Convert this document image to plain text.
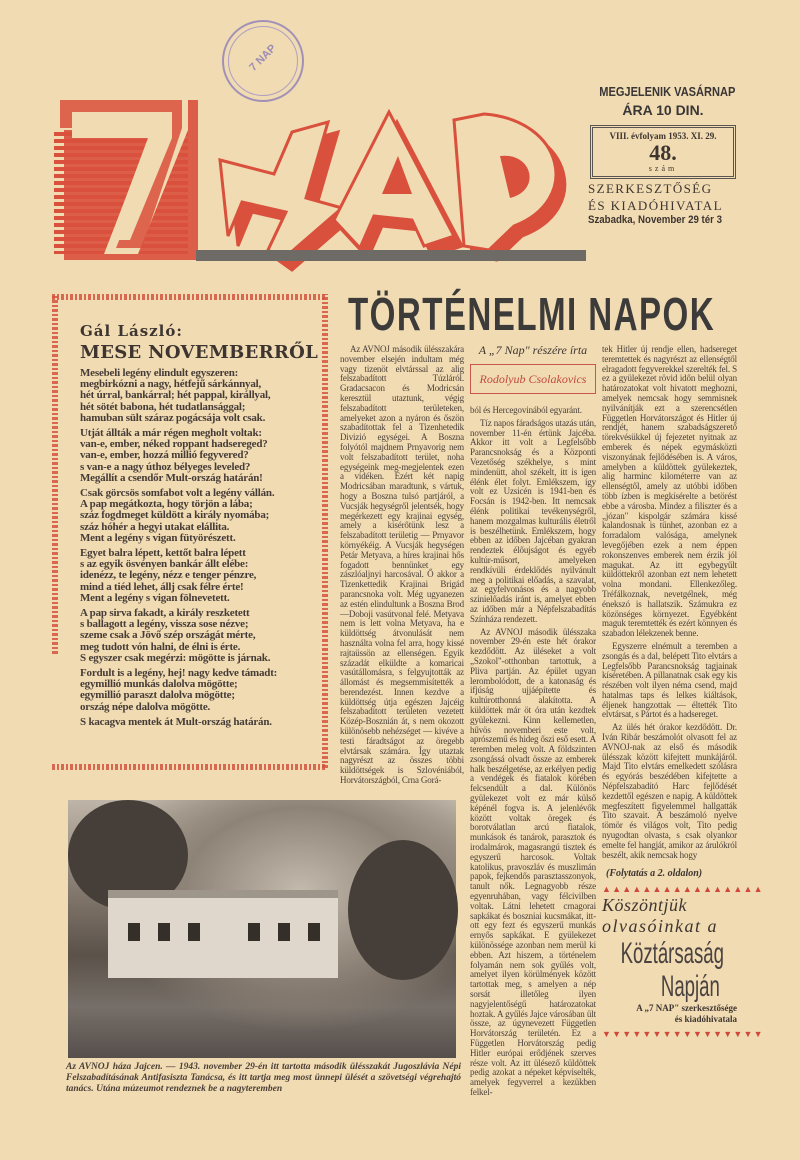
7 NAP
MEGJELENIK VASÁRNAP
ÁRA 10 DIN.
VIII. évfolyam 1953. XI. 29.
48.
szám
SZERKESZTŐSÉG
ÉS KIADÓHIVATAL
Szabadka, November 29 tér 3
Gál László:
MESE NOVEMBERRŐL
Mesebeli legény elindult egyszeren:
megbirkózni a nagy, hétfejű sárkánnyal,
hét úrral, bankárral; hét pappal, királlyal,
hét sötét babona, hét tudatlansággal;
hamuban sült száraz pogácsája volt csak.
Utját állták a már régen megholt voltak:
van-e, ember, néked roppant hadsereged?
van-e, ember, hozzá millió fegyvered?
s van-e a nagy úthoz bélyeges leveled?
Megállít a csendőr Mult-ország határán!
Csak görcsös somfabot volt a legény vállán.
A pap megátkozta, hogy törjön a lába;
száz fogdmeget küldött a király nyomába;
száz hóhér a hegyi utakat elállita.
Ment a legény s vigan fütyörészett.
Egyet balra lépett, kettőt balra lépett
s az egyik ösvényen bankár állt elébe:
idenézz, te legény, nézz e tenger pénzre,
mind a tiéd lehet, állj csak félre érte!
Ment a legény s vigan fölnevetett.
A pap sirva fakadt, a király reszketett
s ballagott a legény, vissza sose nézve;
szeme csak a Jövő szép országát mérte,
meg tudott vón halni, de élni is érte.
S egyszer csak megérzi: mögötte is járnak.
Fordult is a legény, hej! nagy kedve támadt:
egymillió munkás dalolva mögötte;
egymillió paraszt dalolva mögötte;
ország népe dalolva mögötte.
S kacagva mentek át Mult-ország határán.
TÖRTÉNELMI NAPOK

Az AVNOJ második ülésszakára november elsején indultam még vagy tizenöt elvtárssal az alig felszabadított Túzláról. Gradacsacon és Modricsán keresztül utaztunk, végig felszabadított területeken, amelyeket azon a nyáron és őszön szabadítottak fel a Tizenhetedik Divizió egységei. A Boszna folyótól majdnem Prnyavorig nem volt felszabadított terület, noha egységeink meg-megjelentek ezen a vidéken. Ezért két napig Modricsában maradtunk, s vártuk, hogy a Boszna tulsó partjáról, a Vucsják hegységről jelentsék, hogy megérkezett egy krajinai egység, amely a kisérőtünk lesz a felszabadított területig — Prnyavor környékéig. A Vucsják hegységen Petár Metyava, a híres krajinai hős fogadott bennünket egy zászlóaljnyi harcosával. Ő akkor a Tizenkettedik Krajinai Brigád parancsnoka volt. Még ugyanezen az estén elindultunk a Boszna Brod—Doboji vasútvonal felé. Metyava nem is lett volna Metyava, ha e küldöttség átvonulását nem használta volna fel arra, hogy kissé rajtaüssön az ellenségen. Egyik századát elküldte a komaricai vasútállomásra, s felgyujtották az állomást és megsemmisítették a berendezést. Innen kezdve a küldöttség útja egészen Jajcéig felszabadított területen vezetett Közép-Bosznián át, s nem okozott különösebb nehézséget — kivéve a testi fáradtságot az öregebb elvtársak számára. Így utaztak nagyrészt az összes többi küldöttségek is Szlovéniából, Horvátországból, Crna Gorá-

A „7 Nap" részére írta
Rodolyub Csolakovics

ból és Hercegovinából egyaránt.

Tíz napos fáradságos utazás után, november 11-én értünk Jajcéba. Akkor itt volt a Legfelsőbb Parancsnokság és a Központi Vezetőség székhelye, s mint mindenütt, ahol székelt, itt is igen élénk élet folyt. Emlékszem, így volt ez Uzsicén is 1941-ben és Focsán is 1942-ben. Itt nemcsak élénk politikai tevékenységről, hanem mozgalmas kulturális életről is beszélhetünk. Emlékszem, hogy ebben az időben Jajcéban gyakran rendeztek élőujságot és egyéb kultúr-műsort, amelyeken rendkívüli érdeklődés nyilvánult meg a politikai előadás, a szavalat, az egyfelvonásos és a nagyobb szinielőadás iránt is, amelyet ebben az időben már a Népfelszabadítás Színháza rendezett.

Az AVNOJ második ülésszaka november 29-én este hét órakor kezdődött. Az üléseket a volt „Szokol"-otthonban tartottuk, a Pliva partján. Az épület ugyan lerombolódott, de a katonaság és ifjúság ujjáépítette és kultúrotthonná alakította. A küldöttek már öt óra után kezdtek gyülekezni. Kinn kellemetlen, hűvös novemberi este volt, aprószemű és hideg őszi eső esett. A teremben meleg volt. A földszinten zsongássá olvadt össze az emberek halk beszélgetése, az erkélyen pedig a vendégek és fiatalok körében felcsendült a dal. Különös gyülekezet volt ez már külső képénél fogva is. A jelenlévők között voltak öregek és borotválatlan arcú fiatalok, munkások és tanárok, parasztok és irodalmárok, magasrangú tisztek és egyszerű harcosok. Voltak katolikus, pravoszláv és muszlimán papok, fejkendős parasztasszonyok, tanult nők. Legnagyobb része egyenruhában, vagy félcivilben voltak. Látni lehetett crnagorai sapkákat és boszniai kucsmákat, itt-ott egy fezt és egyszerű munkás ernyős sapkákat. E gyülekezet különössége azonban nem merül ki ebben. Azt hiszem, a történelem folyamán nem sok gyűlés volt, amelyet ilyen körülmények között tartottak meg, s amelyen a nép sorsát illetőleg ilyen nagyjelentőségű határozatokat hoztak. A gyűlés Jajce városában ült össze, az úgynevezett Független Horvátország területén. Ez a Független Horvátország pedig Hitler európai erődjének szerves része volt. Az itt ülésező küldöttek pedig azokat a népeket képviselték, amelyek fegyverrel a kezükben felkel-

tek Hitler új rendje ellen, hadsereget teremtettek és nagyrészt az ellenségtől elragadott fegyverekkel szerelték fel. S ez a gyülekezet rövid időn belül olyan határozatokat volt hivatott meghozni, amelyek nemcsak hogy semmisnek nyilvánítják ezt a szerencsétlen Független Horvátországot és Hitler új rendjét, hanem szabadságszerető törekvésükkel új fejezetet nyitnak az emberek és népek egymásközti viszonyának fejlődésében is. A város, amelyben a küldöttek gyülekeztek, alig harminc kilométerre van az ellenségtől, amely az utóbbi időben több ízben is megkísérelte a betörést ebbe a városba. Mindez a filiszter és a „józan" kispolgár számára kissé kalandosnak is tűnhet, azonban ez a forradalom valósága, amelynek levegőjében ezek a nem éppen rokonszenves emberek nem érzik jól magukat. Az itt egybegyűlt küldöttekről azonban ezt nem lehetett volna mondani. Ellenkezőleg. Tréfálkoznak, nevetgélnek, még énekszó is hallatszik. Számukra ez közönséges környezet. Egyébként maguk teremtették és ezért könnyen és szabadon lélekzenek benne.

Egyszerre elnémult a teremben a zsongás és a dal, belépett Tito elvtárs a Legfelsőbb Parancsnokság tagjainak kíséretében. A pillanatnak csak egy kis részében volt ilyen néma csend, majd hatalmas taps és lelkes kiáltások, éljenek hangzottak — éltették Tito elvtársat, s Pártot és a hadsereget.

Az ülés hét órakor kezdődött. Dr. Iván Ribár beszámolót olvasott fel az AVNOJ-nak az első és második ülésszak között kifejtett munkájáról. Majd Tito elvtárs emelkedett szólásra és egyórás beszédében kifejtette a Népfelszabadító Harc fejlődését kezdettől egészen e napig. A küldöttek megfeszített figyelemmel hallgatták Tito szavait. A beszámoló nyelve tömör és világos volt, Tito pedig nyugodtan olvasta, s csak olyankor emelte fel hangját, amikor az árulókról beszélt, akik nemcsak hogy

(Folytatás a 2. oldalon)
▲▲▲▲▲▲▲▲▲▲▲▲▲▲▲▲
Köszöntjük
olvasóinkat a
Köztársaság
Napján
A „7 NAP" szerkesztősége
és kiadóhivatala
▼▼▼▼▼▼▼▼▼▼▼▼▼▼▼▼
Az AVNOJ háza Jajcen. — 1943. november 29-én itt tartotta második ülésszakát Jugoszlávia Népi Felszabadításának Antifasiszta Tanácsa, és itt tartja meg most ünnepi ülését a szövetségi végrehajtó tanács. Utána múzeumot rendeznek be a nagyteremben
